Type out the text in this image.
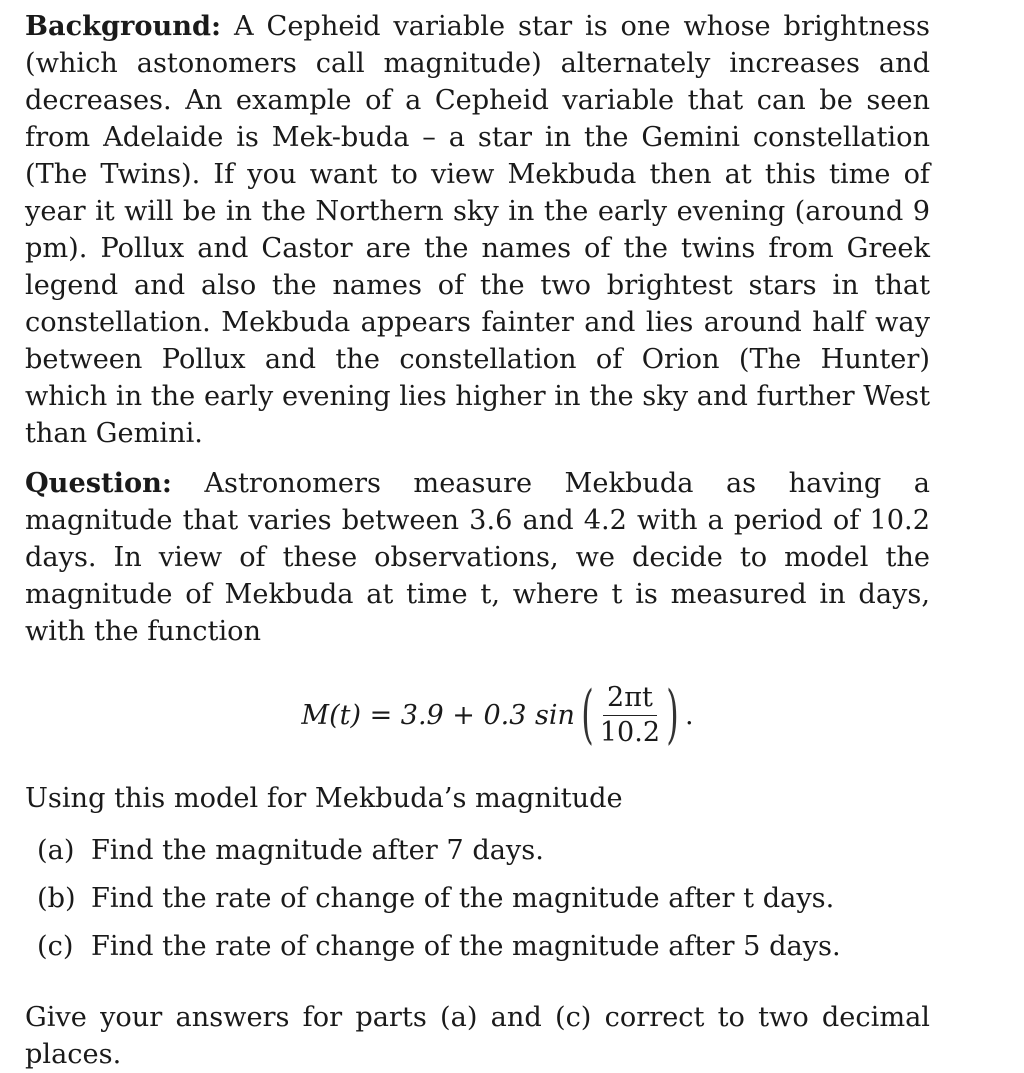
Background: A Cepheid variable star is one whose brightness (which astonomers call magnitude) alternately increases and decreases. An example of a Cepheid variable that can be seen from Adelaide is Mek-buda – a star in the Gemini constellation (The Twins). If you want to view Mekbuda then at this time of year it will be in the Northern sky in the early evening (around 9 pm). Pollux and Castor are the names of the twins from Greek legend and also the names of the two brightest stars in that constellation. Mekbuda appears fainter and lies around half way between Pollux and the constellation of Orion (The Hunter) which in the early evening lies higher in the sky and further West than Gemini.

Question: Astronomers measure Mekbuda as having a magnitude that varies between 3.6 and 4.2 with a period of 10.2 days. In view of these observations, we decide to model the magnitude of Mekbuda at time t, where t is measured in days, with the function

M(t) = 3.9 + 0.3 sin ( $\frac{2\pi t}{10.2}$ ) .

Using this model for Mekbuda’s magnitude

(a) Find the magnitude after 7 days.
(b) Find the rate of change of the magnitude after t days.
(c) Find the rate of change of the magnitude after 5 days.

Give your answers for parts (a) and (c) correct to two decimal places.
